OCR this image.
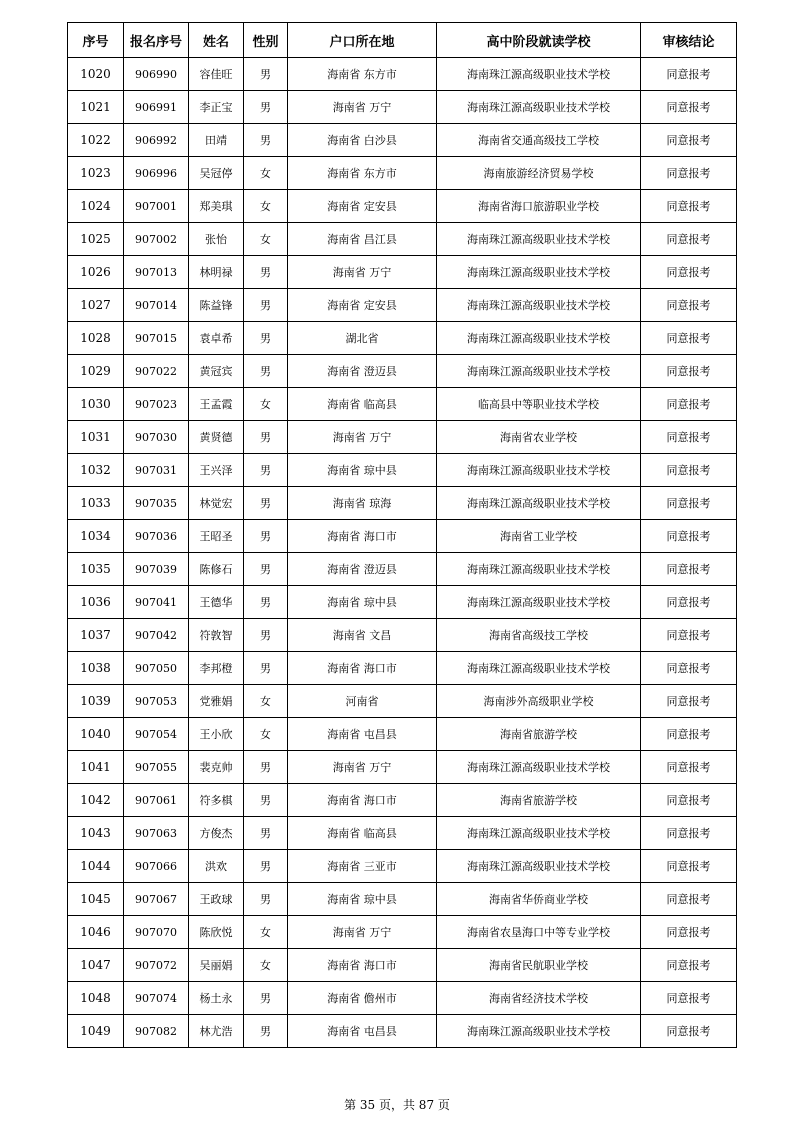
序号	报名序号	姓名	性别	户口所在地	高中阶段就读学校	审核结论
1020	906990	容佳旺	男	海南省 东方市	海南珠江源高级职业技术学校	同意报考
1021	906991	李正宝	男	海南省 万宁	海南珠江源高级职业技术学校	同意报考
1022	906992	田靖	男	海南省 白沙县	海南省交通高级技工学校	同意报考
1023	906996	吴冠停	女	海南省 东方市	海南旅游经济贸易学校	同意报考
1024	907001	郑美琪	女	海南省 定安县	海南省海口旅游职业学校	同意报考
1025	907002	张怡	女	海南省 昌江县	海南珠江源高级职业技术学校	同意报考
1026	907013	林明禄	男	海南省 万宁	海南珠江源高级职业技术学校	同意报考
1027	907014	陈益锋	男	海南省 定安县	海南珠江源高级职业技术学校	同意报考
1028	907015	袁卓希	男	湖北省	海南珠江源高级职业技术学校	同意报考
1029	907022	黄冠宾	男	海南省 澄迈县	海南珠江源高级职业技术学校	同意报考
1030	907023	王孟霞	女	海南省 临高县	临高县中等职业技术学校	同意报考
1031	907030	黄贤德	男	海南省 万宁	海南省农业学校	同意报考
1032	907031	王兴泽	男	海南省 琼中县	海南珠江源高级职业技术学校	同意报考
1033	907035	林觉宏	男	海南省 琼海	海南珠江源高级职业技术学校	同意报考
1034	907036	王昭圣	男	海南省 海口市	海南省工业学校	同意报考
1035	907039	陈修石	男	海南省 澄迈县	海南珠江源高级职业技术学校	同意报考
1036	907041	王德华	男	海南省 琼中县	海南珠江源高级职业技术学校	同意报考
1037	907042	符敦智	男	海南省 文昌	海南省高级技工学校	同意报考
1038	907050	李邦橙	男	海南省 海口市	海南珠江源高级职业技术学校	同意报考
1039	907053	党雅娟	女	河南省	海南涉外高级职业学校	同意报考
1040	907054	王小欣	女	海南省 屯昌县	海南省旅游学校	同意报考
1041	907055	裴克帅	男	海南省 万宁	海南珠江源高级职业技术学校	同意报考
1042	907061	符多棋	男	海南省 海口市	海南省旅游学校	同意报考
1043	907063	方俊杰	男	海南省 临高县	海南珠江源高级职业技术学校	同意报考
1044	907066	洪欢	男	海南省 三亚市	海南珠江源高级职业技术学校	同意报考
1045	907067	王政球	男	海南省 琼中县	海南省华侨商业学校	同意报考
1046	907070	陈欣悦	女	海南省 万宁	海南省农垦海口中等专业学校	同意报考
1047	907072	吴丽娟	女	海南省 海口市	海南省民航职业学校	同意报考
1048	907074	杨土永	男	海南省 儋州市	海南省经济技术学校	同意报考
1049	907082	林尤浩	男	海南省 屯昌县	海南珠江源高级职业技术学校	同意报考
第 35 页，共 87 页
